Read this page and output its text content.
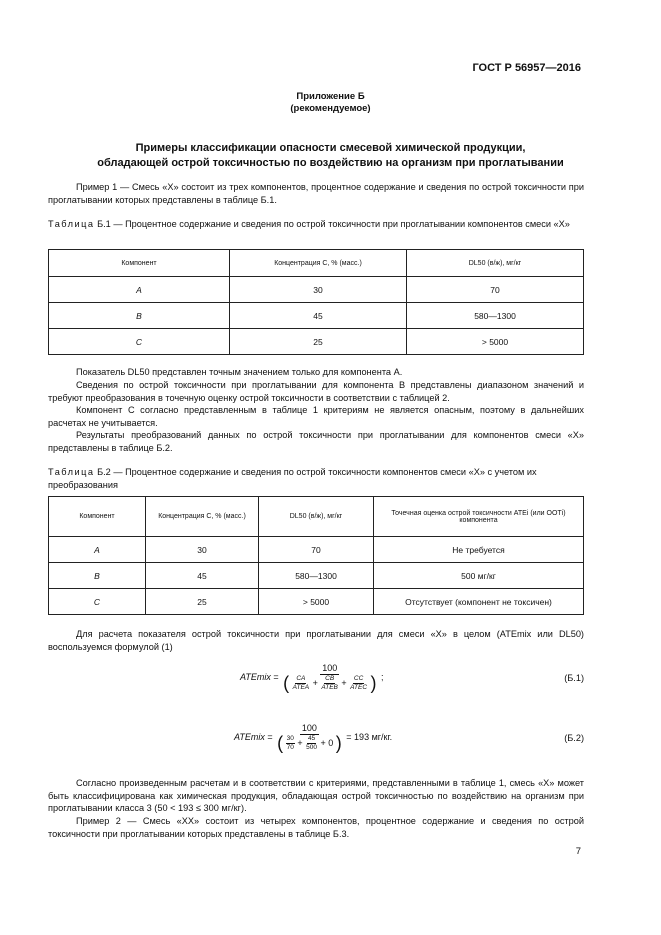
ГОСТ Р 56957—2016
Приложение Б
(рекомендуемое)
Примеры классификации опасности смесевой химической продукции,
обладающей острой токсичностью по воздействию на организм при проглатывании
Пример 1 — Смесь «X» состоит из трех компонентов, процентное содержание и сведения по острой токсичности при проглатывании которых представлены в таблице Б.1.
Таблица Б.1 — Процентное содержание и сведения по острой токсичности при проглатывании компонентов смеси «X»
Компонент	Концентрация C, % (масс.)	DL50 (в/ж), мг/кг
A	30	70
B	45	580—1300
C	25	> 5000
Показатель DL50 представлен точным значением только для компонента A.
Сведения по острой токсичности при проглатывании для компонента B представлены диапазоном значений и требуют преобразования в точечную оценку острой токсичности в соответствии с таблицей 2.
Компонент C согласно представленным в таблице 1 критериям не является опасным, поэтому в дальнейших расчетах не учитывается.
Результаты преобразований данных по острой токсичности при проглатывании для компонентов смеси «X» представлены в таблице Б.2.
Таблица Б.2 — Процентное содержание и сведения по острой токсичности компонентов смеси «X» с учетом их преобразования
Компонент	Концентрация C, % (масс.)	DL50 (в/ж), мг/кг	Точечная оценка острой токсичности ATEi (или ООТi) компонента
A	30	70	Не требуется
B	45	580—1300	500 мг/кг
C	25	> 5000	Отсутствует (компонент не токсичен)
Для расчета показателя острой токсичности при проглатывании для смеси «X» в целом (ATEmix или DL50) воспользуемся формулой (1)
ATEmix = $\frac{100}{( \frac{CA}{\text{ATEA}} + \frac{CB}{\text{ATEB}} + \frac{CC}{\text{ATEC}} )}$ ;	(Б.1)
ATEmix = $\frac{100}{( \frac{30}{70} + \frac{45}{500} + 0 )} = 193$ мг/кг.	(Б.2)
Согласно произведенным расчетам и в соответствии с критериями, представленными в таблице 1, смесь «X» может быть классифицирована как химическая продукция, обладающая острой токсичностью по воздействию на организм при проглатывании класса 3 (50 < 193 ≤ 300 мг/кг).
Пример 2 — Смесь «XX» состоит из четырех компонентов, процентное содержание и сведения по острой токсичности при проглатывании которых представлены в таблице Б.3.
7
